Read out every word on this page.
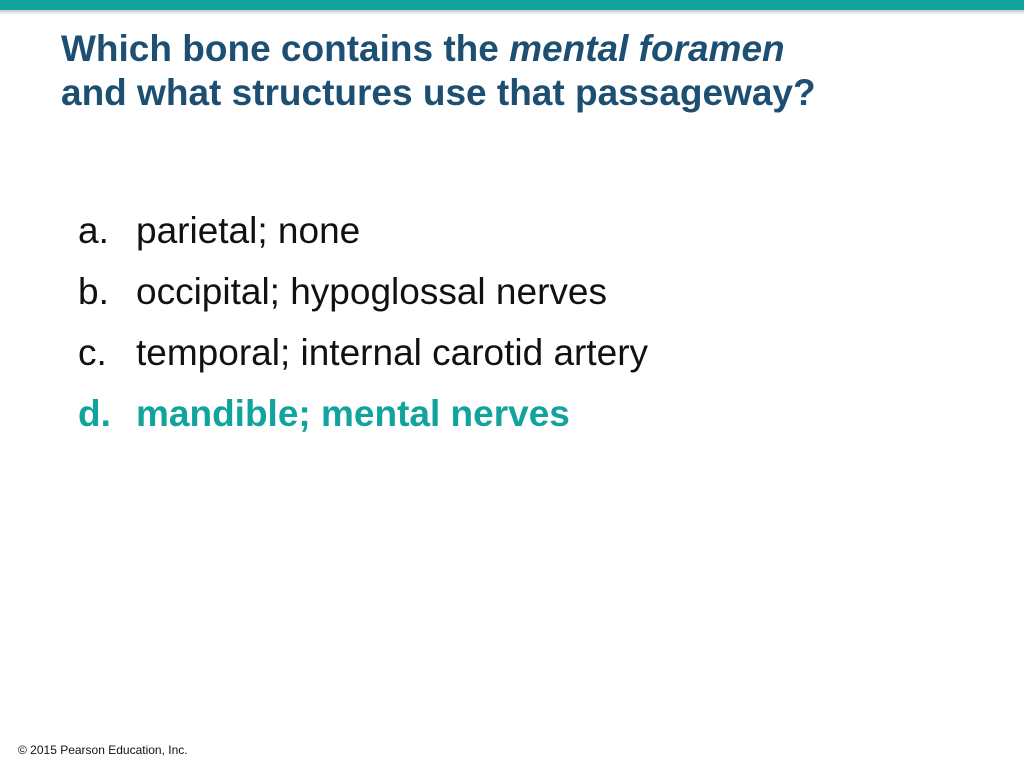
Which bone contains the mental foramen
and what structures use that passageway?
a. parietal; none
b. occipital; hypoglossal nerves
c. temporal; internal carotid artery
d. mandible; mental nerves
© 2015 Pearson Education, Inc.
